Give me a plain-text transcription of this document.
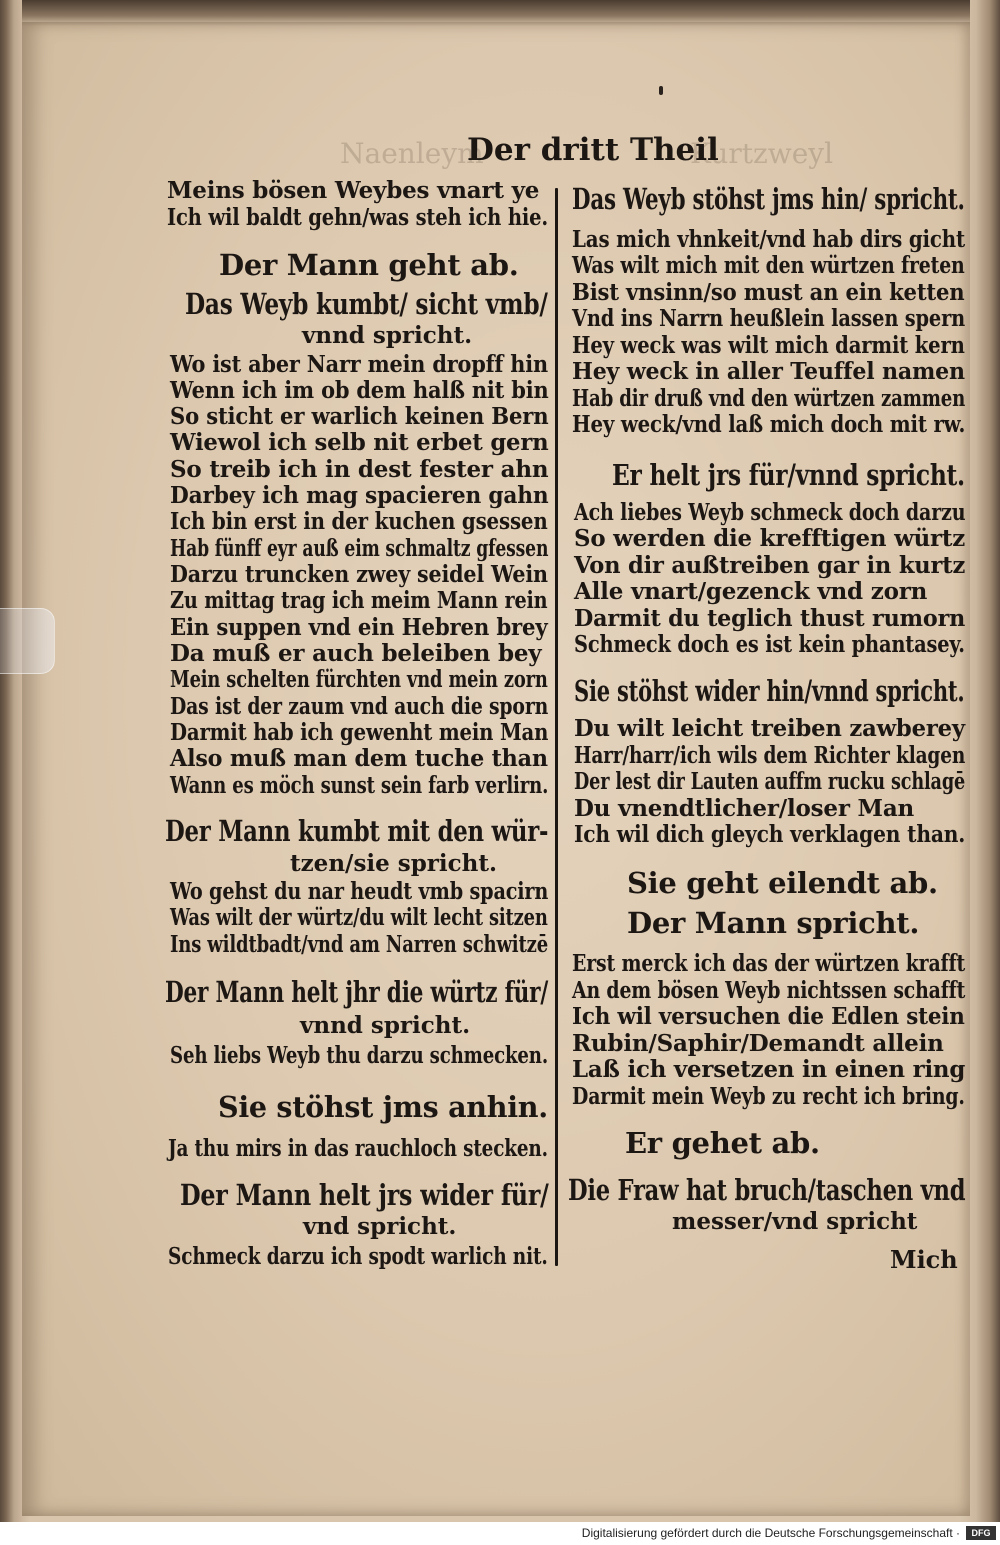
Naenleym	Kurtzweyl

Der dritt Theil

Meins bösen Weybes vnart ye

Ich wil baldt gehn/was steh ich hie.

Der Mann geht ab.

Das Weyb kumbt/ sicht vmb/

vnnd spricht.

Wo ist aber Narr mein dropff hin

Wenn ich im ob dem halß nit bin

So sticht er warlich keinen Bern

Wiewol ich selb nit erbet gern

So treib ich in dest fester ahn

Darbey ich mag spacieren gahn

Ich bin erst in der kuchen gsessen

Hab fünff eyr auß eim schmaltz gfessen

Darzu truncken zwey seidel Wein

Zu mittag trag ich meim Mann rein

Ein suppen vnd ein Hebren brey

Da muß er auch beleiben bey

Mein schelten fürchten vnd mein zorn

Das ist der zaum vnd auch die sporn

Darmit hab ich gewenht mein Man

Also muß man dem tuche than

Wann es möch sunst sein farb verlirn.

Der Mann kumbt mit den wür-

tzen/sie spricht.

Wo gehst du nar heudt vmb spacirn

Was wilt der würtz/du wilt lecht sitzen

Ins wildtbadt/vnd am Narren schwitzē

Der Mann helt jhr die würtz für/

vnnd spricht.

Seh liebs Weyb thu darzu schmecken.

Sie stöhst jms anhin.

Ja thu mirs in das rauchloch stecken.

Der Mann helt jrs wider für/

vnd spricht.

Schmeck darzu ich spodt warlich nit.

Das Weyb stöhst jms hin/ spricht.

Las mich vhnkeit/vnd hab dirs gicht

Was wilt mich mit den würtzen freten

Bist vnsinn/so must an ein ketten

Vnd ins Narrn heußlein lassen spern

Hey weck was wilt mich darmit kern

Hey weck in aller Teuffel namen

Hab dir druß vnd den würtzen zammen

Hey weck/vnd laß mich doch mit rw.

Er helt jrs für/vnnd spricht.

Ach liebes Weyb schmeck doch darzu

So werden die krefftigen würtz

Von dir außtreiben gar in kurtz

Alle vnart/gezenck vnd zorn

Darmit du teglich thust rumorn

Schmeck doch es ist kein phantasey.

Sie stöhst wider hin/vnnd spricht.

Du wilt leicht treiben zawberey

Harr/harr/ich wils dem Richter klagen

Der lest dir Lauten auffm rucku schlagē

Du vnendtlicher/loser Man

Ich wil dich gleych verklagen than.

Sie geht eilendt ab.

Der Mann spricht.

Erst merck ich das der würtzen krafft

An dem bösen Weyb nichtssen schafft

Ich wil versuchen die Edlen stein

Rubin/Saphir/Demandt allein

Laß ich versetzen in einen ring

Darmit mein Weyb zu recht ich bring.

Er gehet ab.

Die Fraw hat bruch/taschen vnd

messer/vnd spricht

Mich

Digitalisierung gefördert durch die Deutsche Forschungsgemeinschaft ·	DFG
